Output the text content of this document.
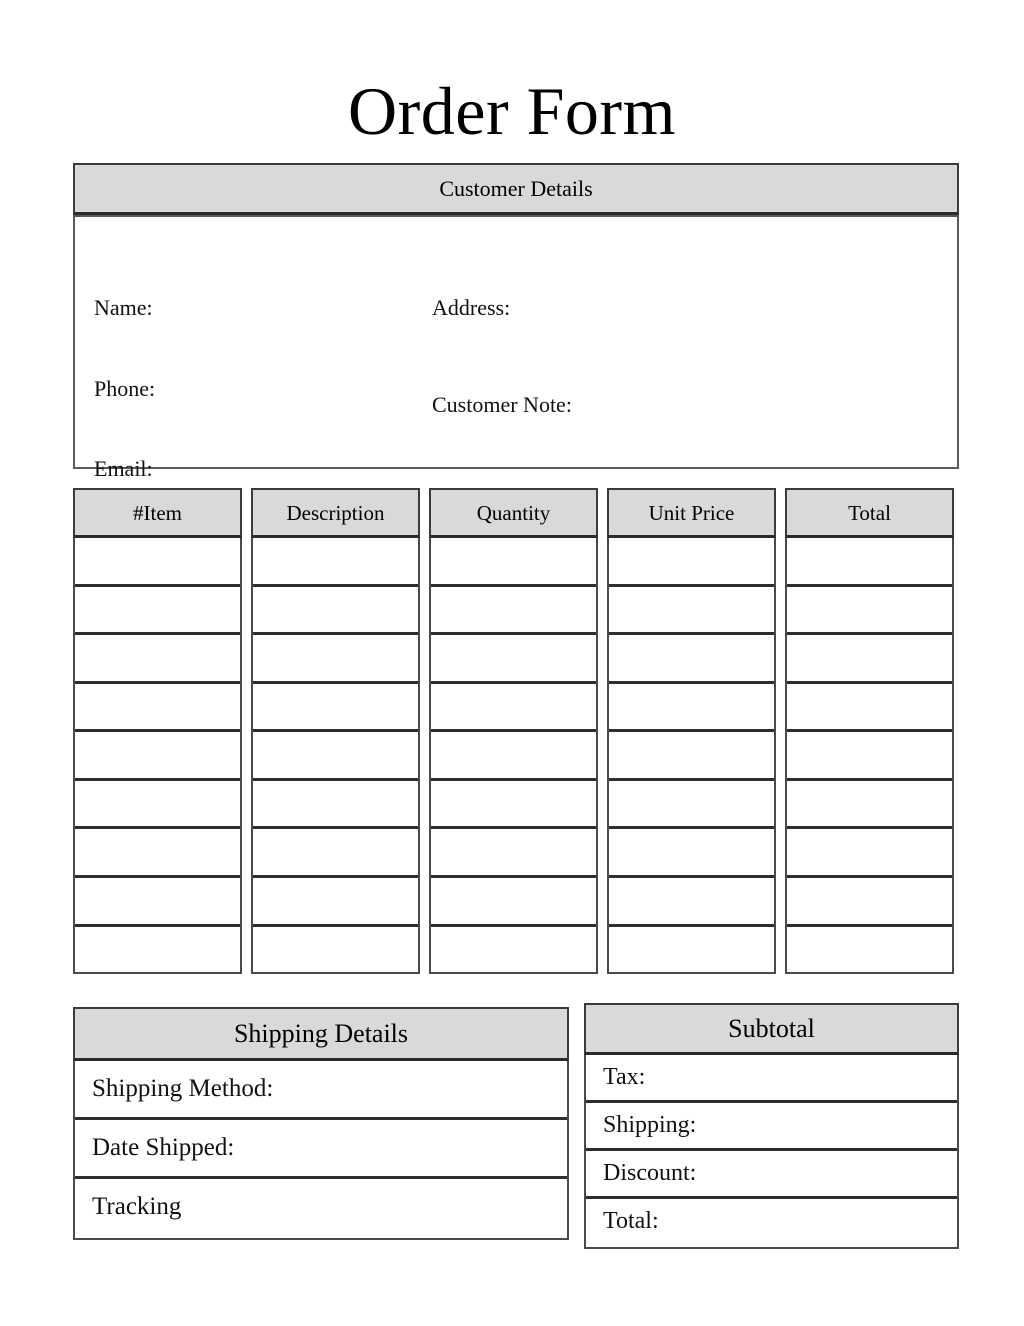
Order Form
Customer Details
Name:
Phone:
Email:
Address:
Customer Note:
#Item	Description	Quantity	Unit Price	Total
Shipping Details
Shipping Method:
Date Shipped:
Tracking
Subtotal
Tax:
Shipping:
Discount:
Total:
